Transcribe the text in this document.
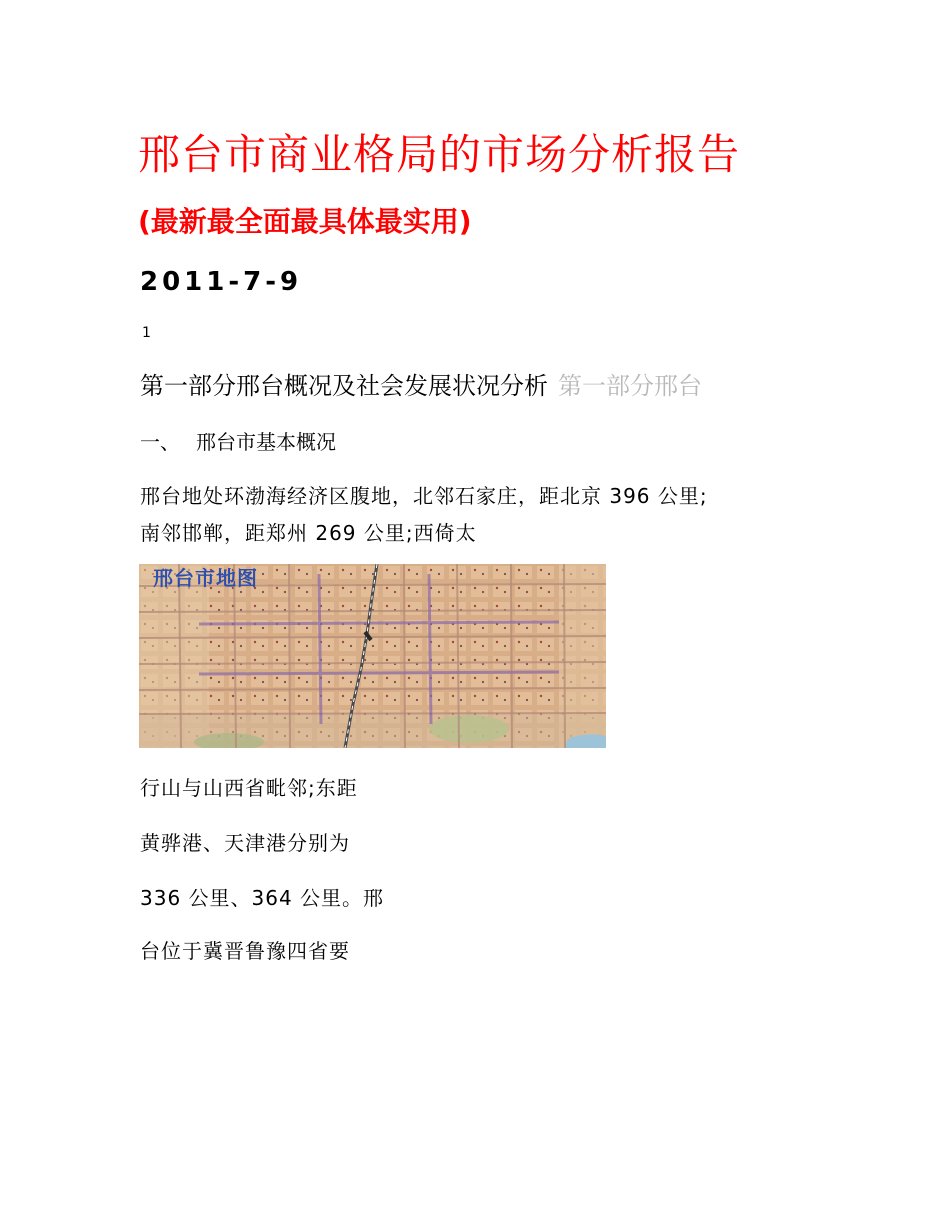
邢台市商业格局的市场分析报告
(最新最全面最具体最实用)
2011-7-9
1
第一部分邢台概况及社会发展状况分析 第一部分邢台
一、 邢台市基本概况
邢台地处环渤海经济区腹地，北邻石家庄，距北京 396 公里;
南邻邯郸，距郑州 269 公里;西倚太
邢台市地图
行山与山西省毗邻;东距
黄骅港、天津港分别为
336 公里、364 公里。邢
台位于冀晋鲁豫四省要
